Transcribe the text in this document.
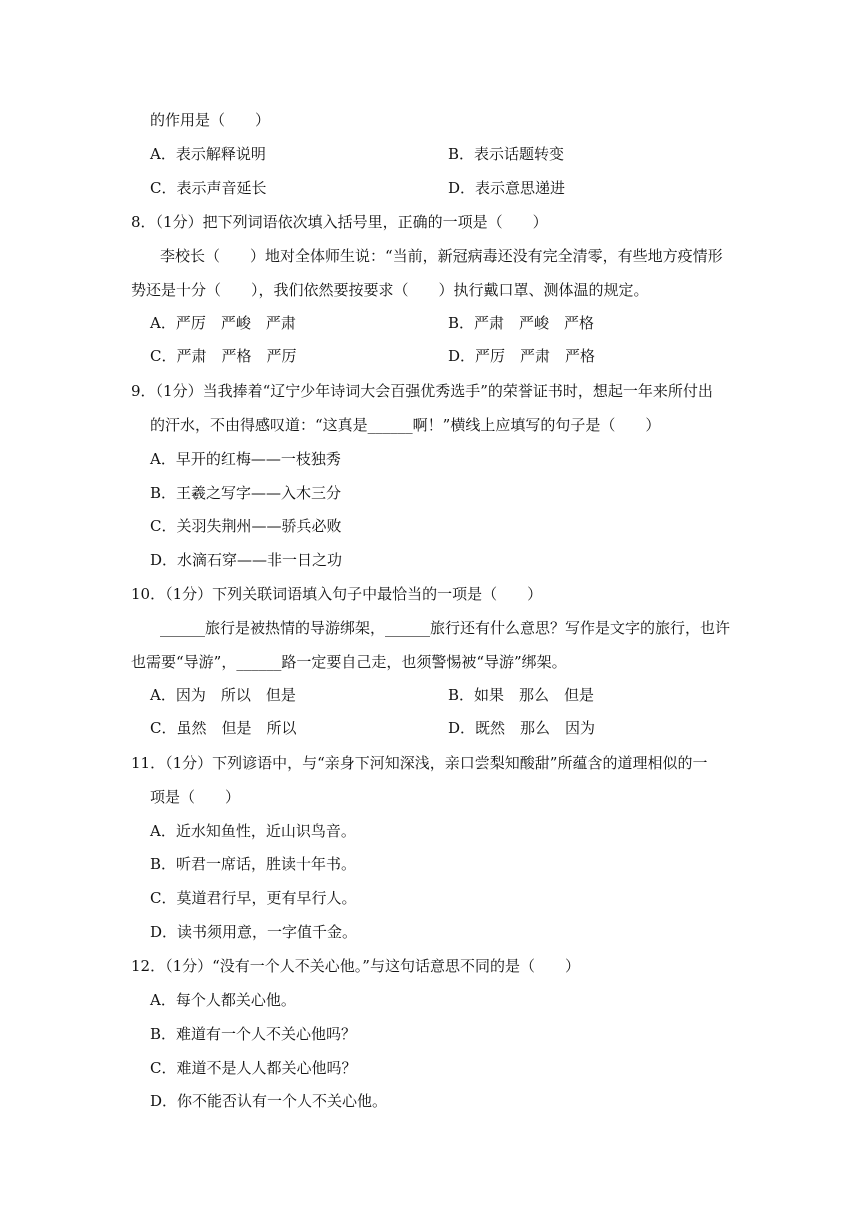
的作用是（　　）
A．表示解释说明	B．表示话题转变
C．表示声音延长	D．表示意思递进
8．（1分）把下列词语依次填入括号里，正确的一项是（　　）
李校长（　　）地对全体师生说：“当前，新冠病毒还没有完全清零，有些地方疫情形
势还是十分（　　），我们依然要按要求（　　）执行戴口罩、测体温的规定。
A．严厉　严峻　严肃	B．严肃　严峻　严格
C．严肃　严格　严厉	D．严厉　严肃　严格
9．（1分）当我捧着“辽宁少年诗词大会百强优秀选手”的荣誉证书时，想起一年来所付出
的汗水，不由得感叹道：“这真是______啊！”横线上应填写的句子是（　　）
A．早开的红梅——一枝独秀
B．王羲之写字——入木三分
C．关羽失荆州——骄兵必败
D．水滴石穿——非一日之功
10．（1分）下列关联词语填入句子中最恰当的一项是（　　）
______旅行是被热情的导游绑架，______旅行还有什么意思？写作是文字的旅行，也许
也需要“导游”，______路一定要自己走，也须警惕被“导游”绑架。
A．因为　所以　但是	B．如果　那么　但是
C．虽然　但是　所以	D．既然　那么　因为
11．（1分）下列谚语中，与“亲身下河知深浅，亲口尝梨知酸甜”所蕴含的道理相似的一
项是（　　）
A．近水知鱼性，近山识鸟音。
B．听君一席话，胜读十年书。
C．莫道君行早，更有早行人。
D．读书须用意，一字值千金。
12．（1分）“没有一个人不关心他。”与这句话意思不同的是（　　）
A．每个人都关心他。
B．难道有一个人不关心他吗？
C．难道不是人人都关心他吗？
D．你不能否认有一个人不关心他。
